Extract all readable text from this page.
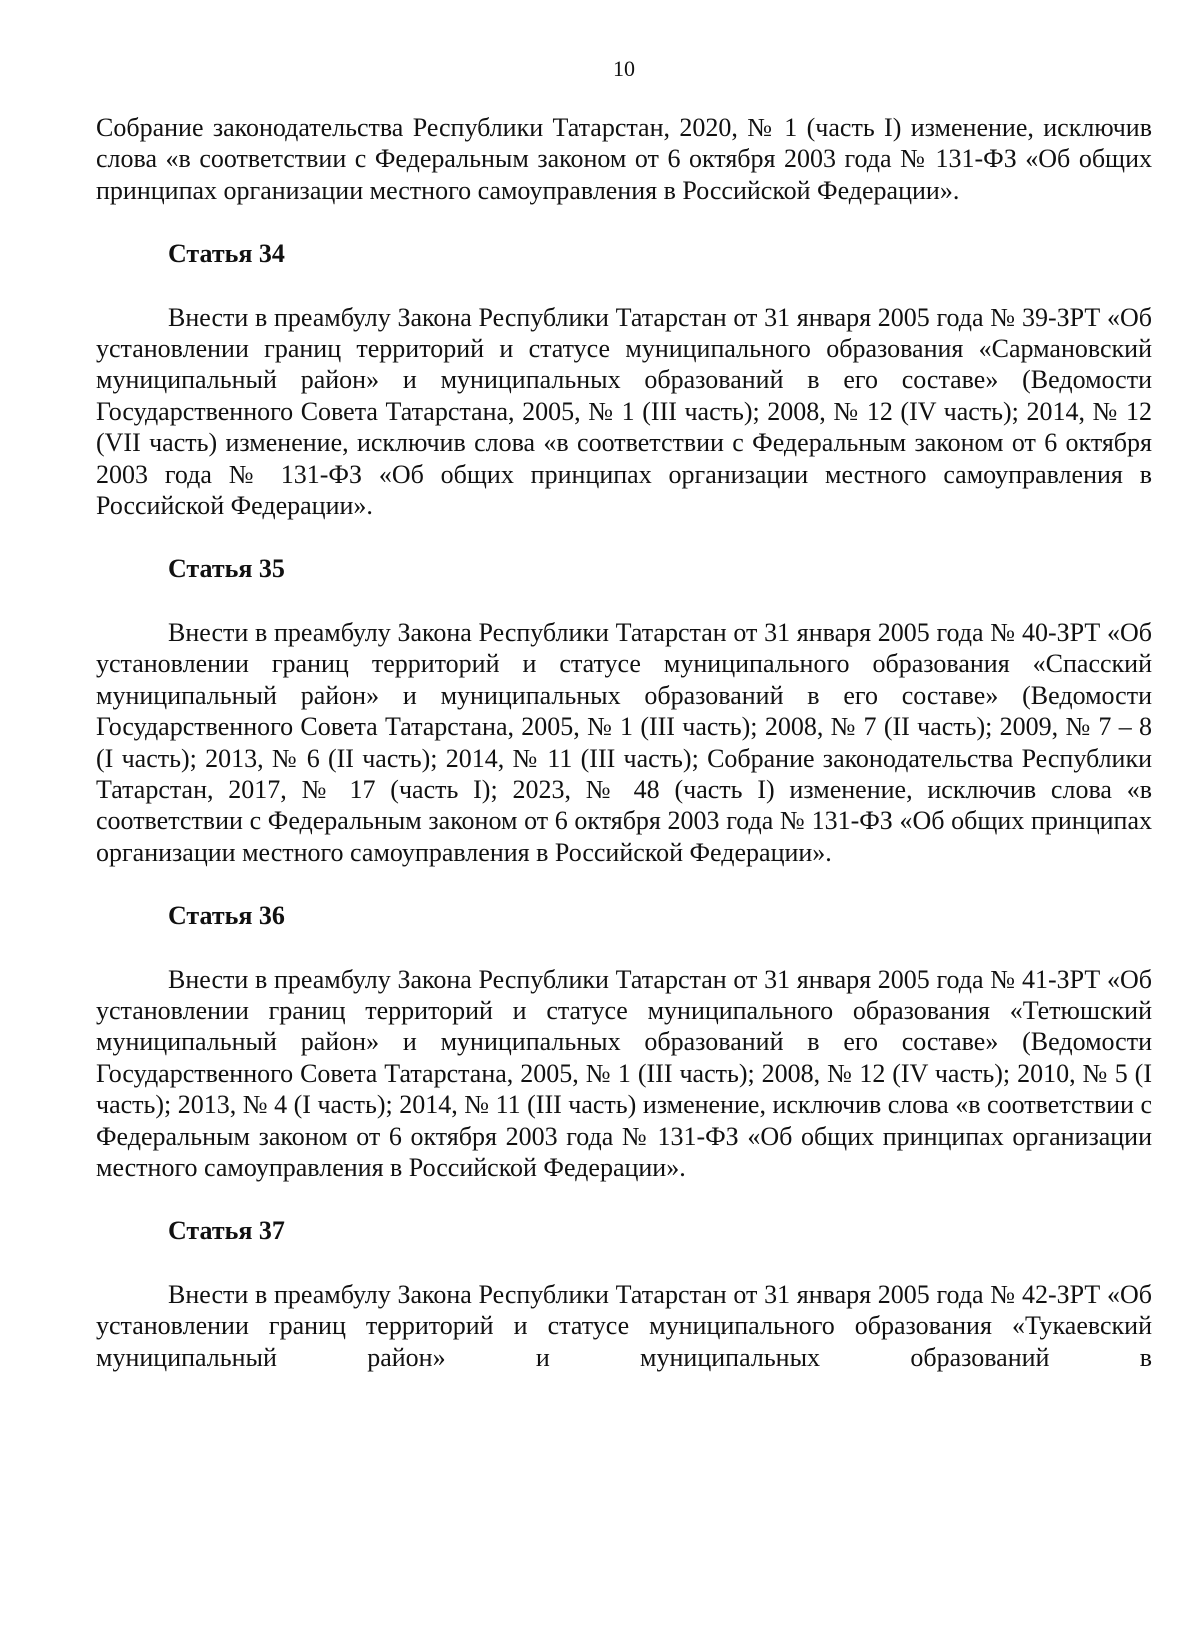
10

Собрание законодательства Республики Татарстан, 2020, № 1 (часть I) изменение, исключив слова «в соответствии с Федеральным законом от 6 октября 2003 года № 131-ФЗ «Об общих принципах организации местного самоуправления в Российской Федерации».

Статья 34

Внести в преамбулу Закона Республики Татарстан от 31 января 2005 года № 39-ЗРТ «Об установлении границ территорий и статусе муниципального образования «Сармановский муниципальный район» и муниципальных образований в его составе» (Ведомости Государственного Совета Татарстана, 2005, № 1 (III часть); 2008, № 12 (IV часть); 2014, № 12 (VII часть) изменение, исключив слова «в соответствии с Федеральным законом от 6 октября 2003 года № 131-ФЗ «Об общих принципах организации местного самоуправления в Российской Федерации».

Статья 35

Внести в преамбулу Закона Республики Татарстан от 31 января 2005 года № 40-ЗРТ «Об установлении границ территорий и статусе муниципального образования «Спасский муниципальный район» и муниципальных образований в его составе» (Ведомости Государственного Совета Татарстана, 2005, № 1 (III часть); 2008, № 7 (II часть); 2009, № 7 – 8 (I часть); 2013, № 6 (II часть); 2014, № 11 (III часть); Собрание законодательства Республики Татарстан, 2017, № 17 (часть I); 2023, № 48 (часть I) изменение, исключив слова «в соответствии с Федеральным законом от 6 октября 2003 года № 131-ФЗ «Об общих принципах организации местного самоуправления в Российской Федерации».

Статья 36

Внести в преамбулу Закона Республики Татарстан от 31 января 2005 года № 41-ЗРТ «Об установлении границ территорий и статусе муниципального образования «Тетюшский муниципальный район» и муниципальных образований в его составе» (Ведомости Государственного Совета Татарстана, 2005, № 1 (III часть); 2008, № 12 (IV часть); 2010, № 5 (I часть); 2013, № 4 (I часть); 2014, № 11 (III часть) изменение, исключив слова «в соответствии с Федеральным законом от 6 октября 2003 года № 131-ФЗ «Об общих принципах организации местного самоуправления в Российской Федерации».

Статья 37

Внести в преамбулу Закона Республики Татарстан от 31 января 2005 года № 42-ЗРТ «Об установлении границ территорий и статусе муниципального образования «Тукаевский муниципальный район» и муниципальных образований в
